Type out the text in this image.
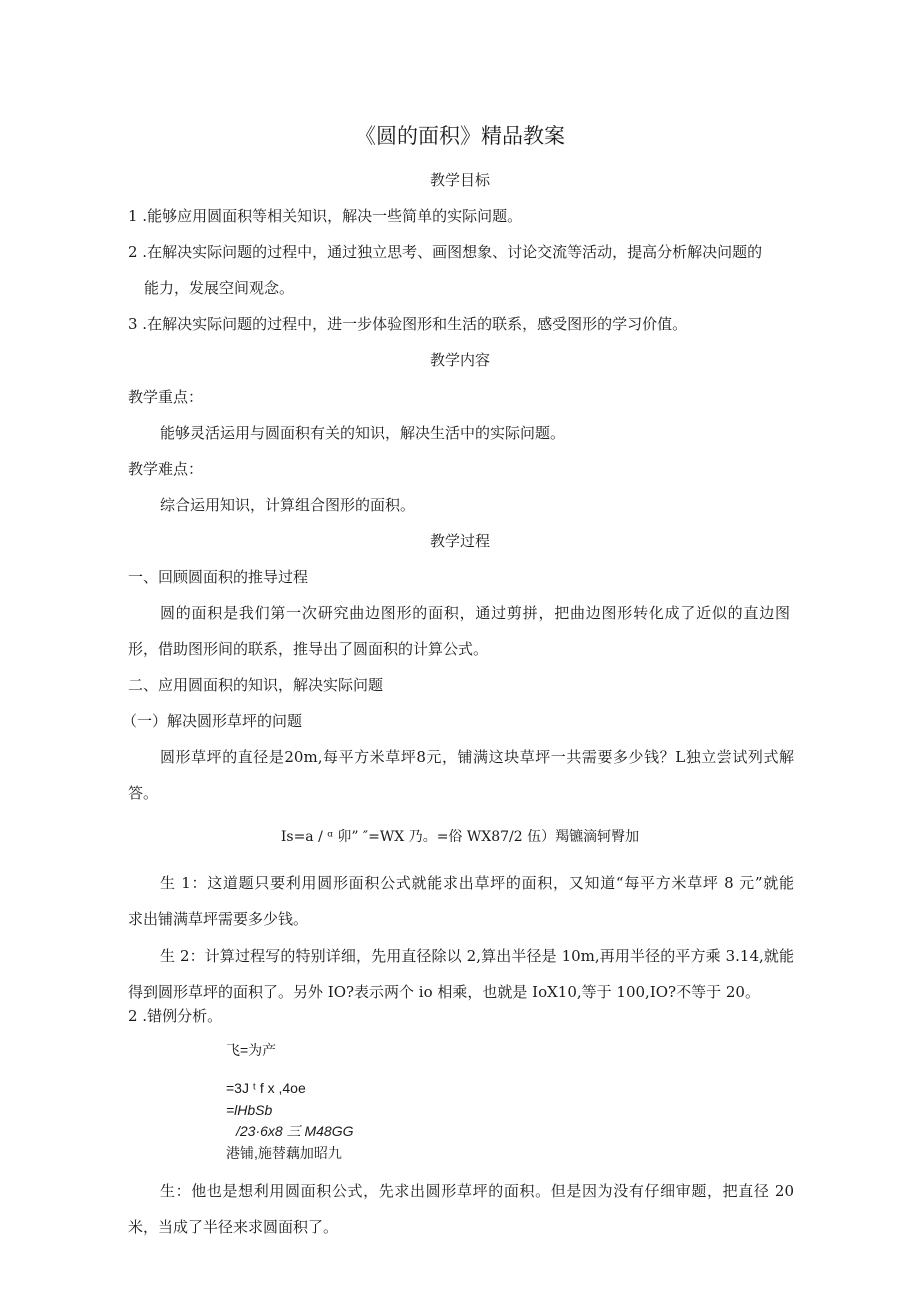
《圆的面积》精品教案
教学目标
1 .能够应用圆面积等相关知识，解决一些简单的实际问题。
2 .在解决实际问题的过程中，通过独立思考、画图想象、讨论交流等活动，提高分析解决问题的
能力，发展空间观念。
3 .在解决实际问题的过程中，进一步体验图形和生活的联系，感受图形的学习价值。
教学内容
教学重点：
能够灵活运用与圆面积有关的知识，解决生活中的实际问题。
教学难点：
综合运用知识，计算组合图形的面积。
教学过程
一、回顾圆面积的推导过程
圆的面积是我们第一次研究曲边图形的面积，通过剪拼，把曲边图形转化成了近似的直边图
形，借助图形间的联系，推导出了圆面积的计算公式。
二、应用圆面积的知识，解决实际问题
（一）解决圆形草坪的问题
圆形草坪的直径是20m,每平方米草坪8元，铺满这块草坪一共需要多少钱？L独立尝试列式解
答。
Is=a / ᵅ 卯” ″=WX 乃。=俗 WX87/2 伍）羯镳滴轲臀加
生 1：这道题只要利用圆形面积公式就能求出草坪的面积，又知道“每平方米草坪 8 元”就能
求出铺满草坪需要多少钱。
生 2：计算过程写的特别详细，先用直径除以 2,算出半径是 10m,再用半径的平方乘 3.14,就能
得到圆形草坪的面积了。另外 IO?表示两个 io 相乘，也就是 IoX10,等于 100,IO?不等于 20。
2 .错例分析。
飞=为产
=3J ᵗ f x ,4oe
=lHbSb
/23·6x8 三 M48GG
港铺,施替藕加昭九
生：他也是想利用圆面积公式，先求出圆形草坪的面积。但是因为没有仔细审题，把直径 20
米，当成了半径来求圆面积了。
